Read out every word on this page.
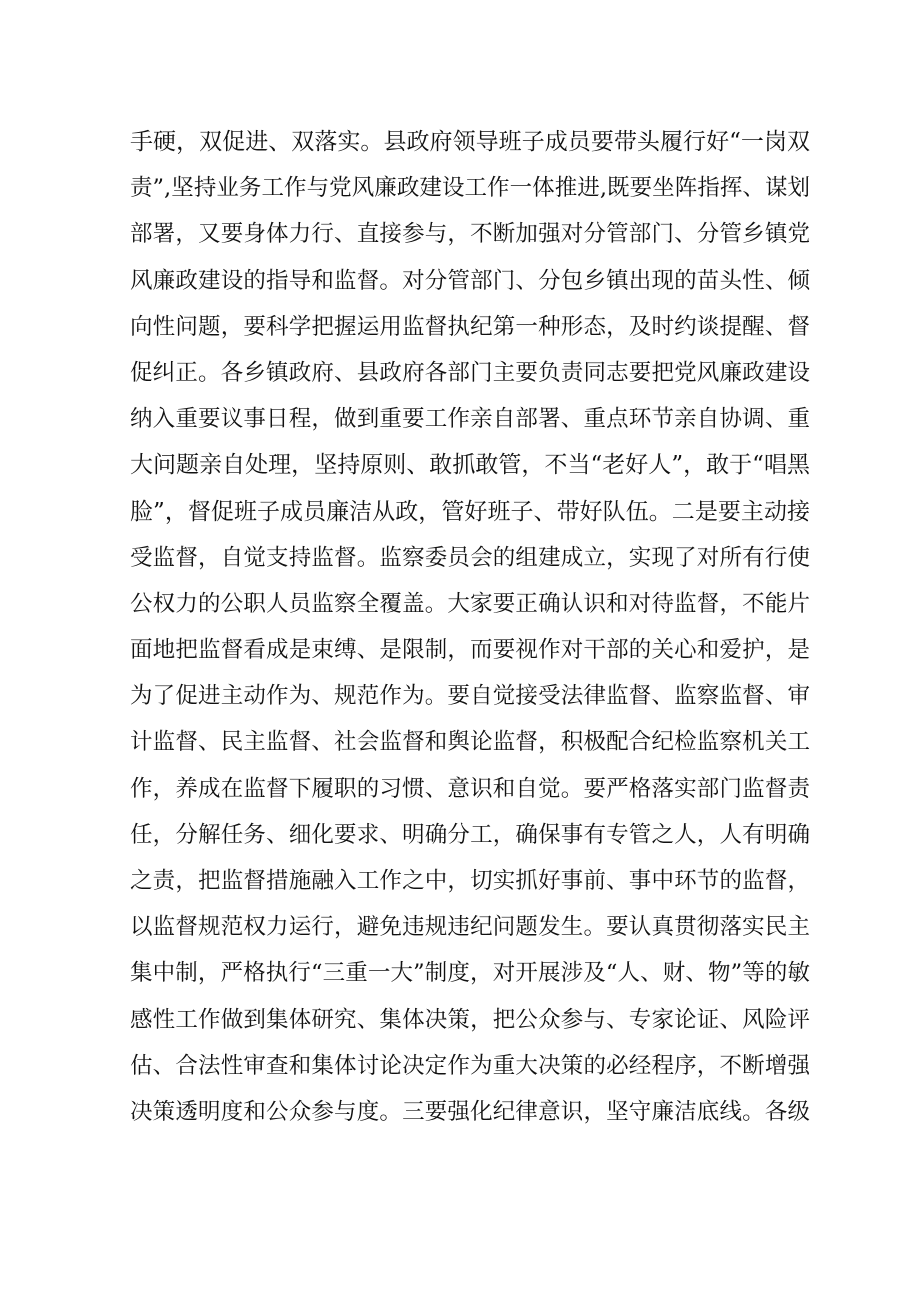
手硬，双促进、双落实。县政府领导班子成员要带头履行好“一岗双
责”,坚持业务工作与党风廉政建设工作一体推进,既要坐阵指挥、谋划
部署，又要身体力行、直接参与，不断加强对分管部门、分管乡镇党
风廉政建设的指导和监督。对分管部门、分包乡镇出现的苗头性、倾
向性问题，要科学把握运用监督执纪第一种形态，及时约谈提醒、督
促纠正。各乡镇政府、县政府各部门主要负责同志要把党风廉政建设
纳入重要议事日程，做到重要工作亲自部署、重点环节亲自协调、重
大问题亲自处理，坚持原则、敢抓敢管，不当“老好人”，敢于“唱黑
脸”，督促班子成员廉洁从政，管好班子、带好队伍。二是要主动接
受监督，自觉支持监督。监察委员会的组建成立，实现了对所有行使
公权力的公职人员监察全覆盖。大家要正确认识和对待监督，不能片
面地把监督看成是束缚、是限制，而要视作对干部的关心和爱护，是
为了促进主动作为、规范作为。要自觉接受法律监督、监察监督、审
计监督、民主监督、社会监督和舆论监督，积极配合纪检监察机关工
作，养成在监督下履职的习惯、意识和自觉。要严格落实部门监督责
任，分解任务、细化要求、明确分工，确保事有专管之人，人有明确
之责，把监督措施融入工作之中，切实抓好事前、事中环节的监督，
以监督规范权力运行，避免违规违纪问题发生。要认真贯彻落实民主
集中制，严格执行“三重一大”制度，对开展涉及“人、财、物”等的敏
感性工作做到集体研究、集体决策，把公众参与、专家论证、风险评
估、合法性审查和集体讨论决定作为重大决策的必经程序，不断增强
决策透明度和公众参与度。三要强化纪律意识，坚守廉洁底线。各级
